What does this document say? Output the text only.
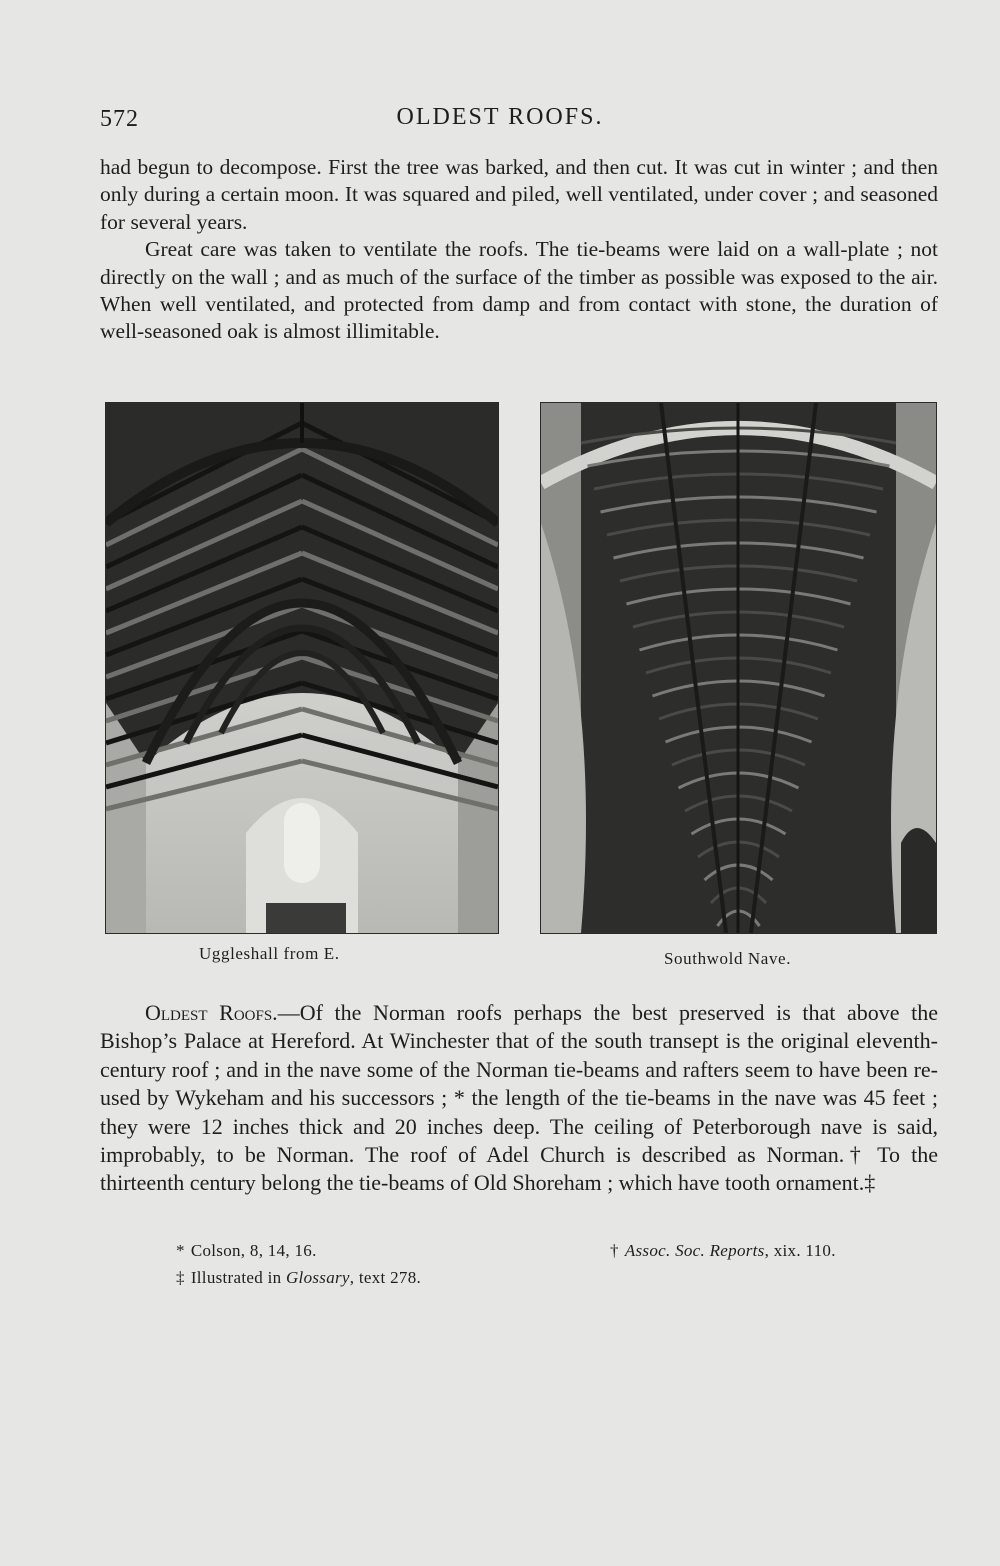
572	OLDEST ROOFS.

had begun to decompose. First the tree was barked, and then cut. It was cut in winter ; and then only during a certain moon. It was squared and piled, well ventilated, under cover ; and seasoned for several years.

Great care was taken to ventilate the roofs. The tie-beams were laid on a wall-plate ; not directly on the wall ; and as much of the surface of the timber as possible was exposed to the air. When well ventilated, and protected from damp and from contact with stone, the duration of well-seasoned oak is almost illimitable.

Uggleshall from E.	Southwold Nave.

Oldest Roofs.—Of the Norman roofs perhaps the best preserved is that above the Bishop’s Palace at Hereford. At Winchester that of the south transept is the original eleventh-century roof ; and in the nave some of the Norman tie-beams and rafters seem to have been re-used by Wykeham and his successors ; * the length of the tie-beams in the nave was 45 feet ; they were 12 inches thick and 20 inches deep. The ceiling of Peterborough nave is said, improbably, to be Norman. The roof of Adel Church is described as Norman.† To the thirteenth century belong the tie-beams of Old Shoreham ; which have tooth ornament.‡

* Colson, 8, 14, 16.	† Assoc. Soc. Reports, xix. 110.
‡ Illustrated in Glossary, text 278.
